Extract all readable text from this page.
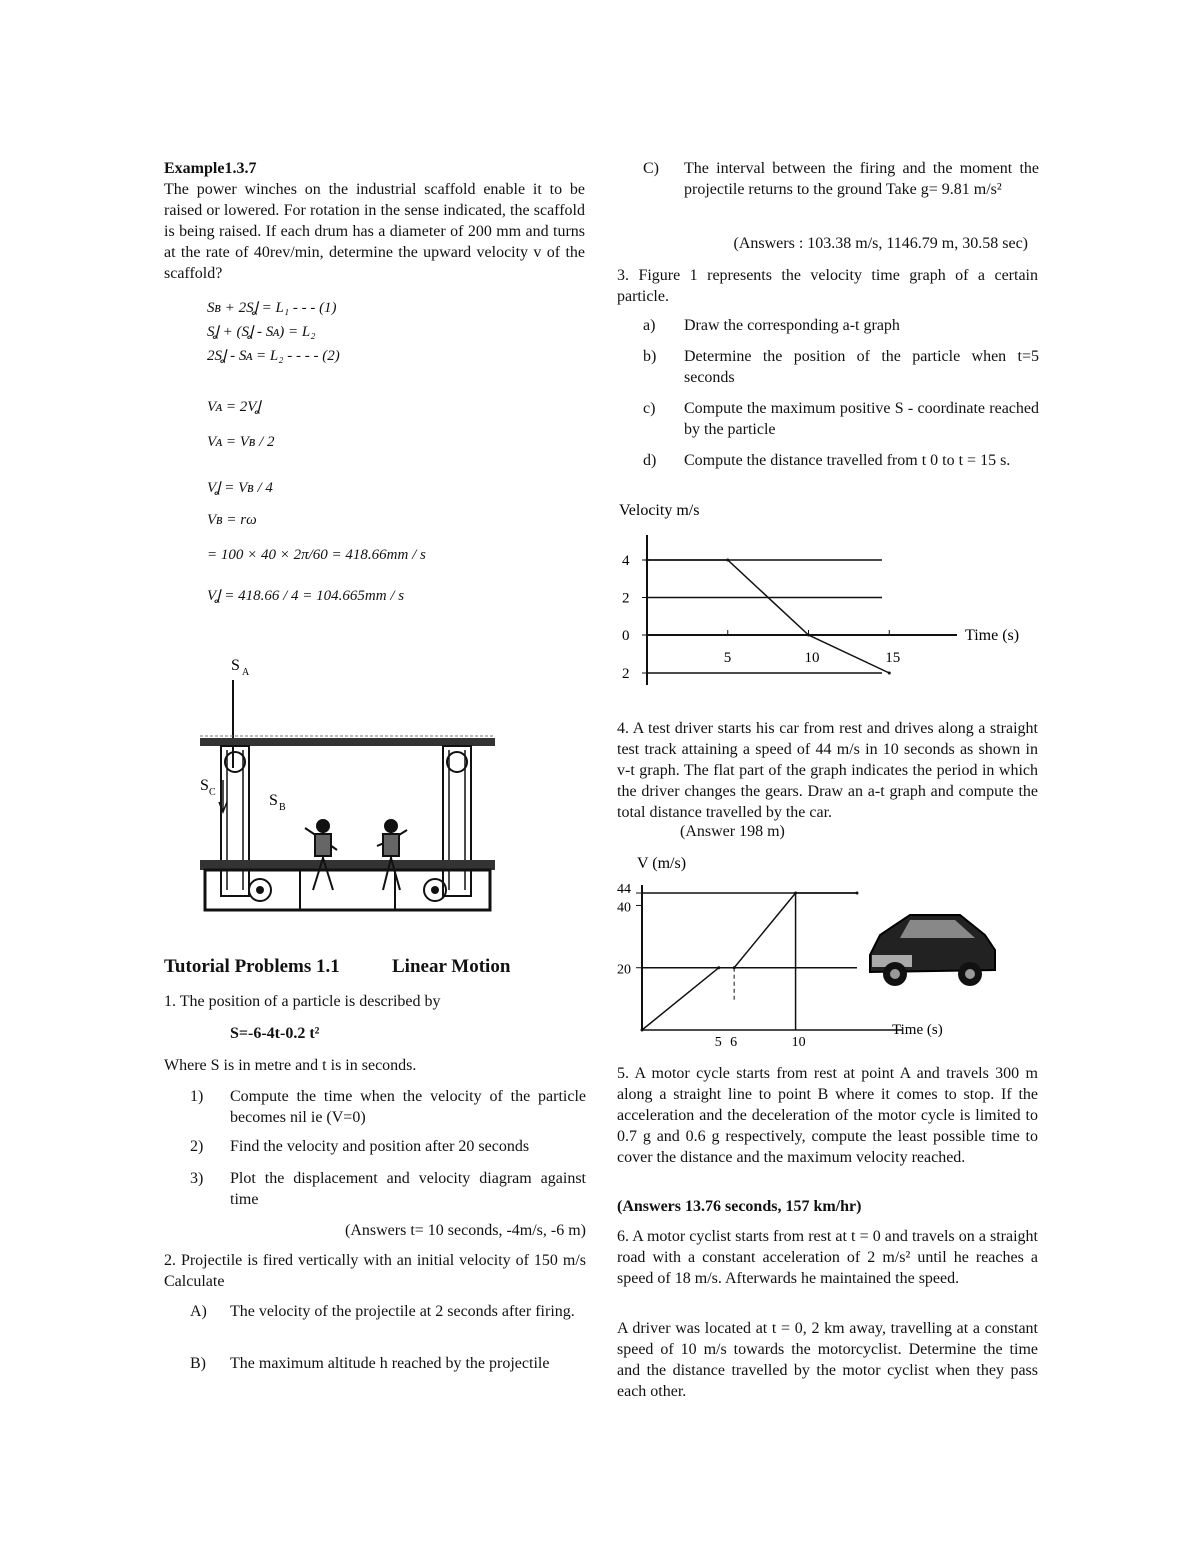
Example1.3.7
The power winches on the industrial scaffold enable it to be raised or lowered. For rotation in the sense indicated, the scaffold is being raised. If each drum has a diameter of 200 mm and turns at the rate of 40rev/min, determine the upward velocity v of the scaffold?
Sʙ + 2SꞲ = L₁ - - - (1)
SꞲ + (SꞲ - Sᴀ) = L₂
2SꞲ - Sᴀ = L₂ - - - - (2)
Vᴀ = 2VꞲ
Vᴀ = Vʙ / 2
VꞲ = Vʙ / 4
Vʙ = rω
= 100 × 40 × 2π/60 = 418.66mm / s
VꞲ = 418.66 / 4 = 104.665mm / s
S A
S C	S B
Tutorial Problems 1.1	Linear Motion
1. The position of a particle is described by
S=-6-4t-0.2 t²
Where S is in metre and t is in seconds.
1) Compute the time when the velocity of the particle becomes nil ie (V=0)
2) Find the velocity and position after 20 seconds
3) Plot the displacement and velocity diagram against time
(Answers t= 10 seconds, -4m/s, -6 m)
2. Projectile is fired vertically with an initial velocity of 150 m/s Calculate
A) The velocity of the projectile at 2 seconds after firing.
B) The maximum altitude h reached by the projectile
C) The interval between the firing and the moment the projectile returns to the ground Take g= 9.81 m/s²
(Answers : 103.38 m/s, 1146.79 m, 30.58 sec)
3. Figure 1 represents the velocity time graph of a certain particle.
a) Draw the corresponding a-t graph
b) Determine the position of the particle when t=5 seconds
c) Compute the maximum positive S - coordinate reached by the particle
d) Compute the distance travelled from t 0 to t = 15 s.
Velocity m/s
Time (s)
4
2
0
2
5	10	15
4. A test driver starts his car from rest and drives along a straight test track attaining a speed of 44 m/s in 10 seconds as shown in v-t graph. The flat part of the graph indicates the period in which the driver changes the gears. Draw an a-t graph and compute the total distance travelled by the car.
(Answer 198 m)
V (m/s)
Time (s)
44
40
20
5 6	10
5. A motor cycle starts from rest at point A and travels 300 m along a straight line to point B where it comes to stop. If the acceleration and the deceleration of the motor cycle is limited to 0.7 g and 0.6 g respectively, compute the least possible time to cover the distance and the maximum velocity reached.
(Answers 13.76 seconds, 157 km/hr)
6. A motor cyclist starts from rest at t = 0 and travels on a straight road with a constant acceleration of 2 m/s² until he reaches a speed of 18 m/s. Afterwards he maintained the speed.
A driver was located at t = 0, 2 km away, travelling at a constant speed of 10 m/s towards the motorcyclist. Determine the time and the distance travelled by the motor cyclist when they pass each other.
